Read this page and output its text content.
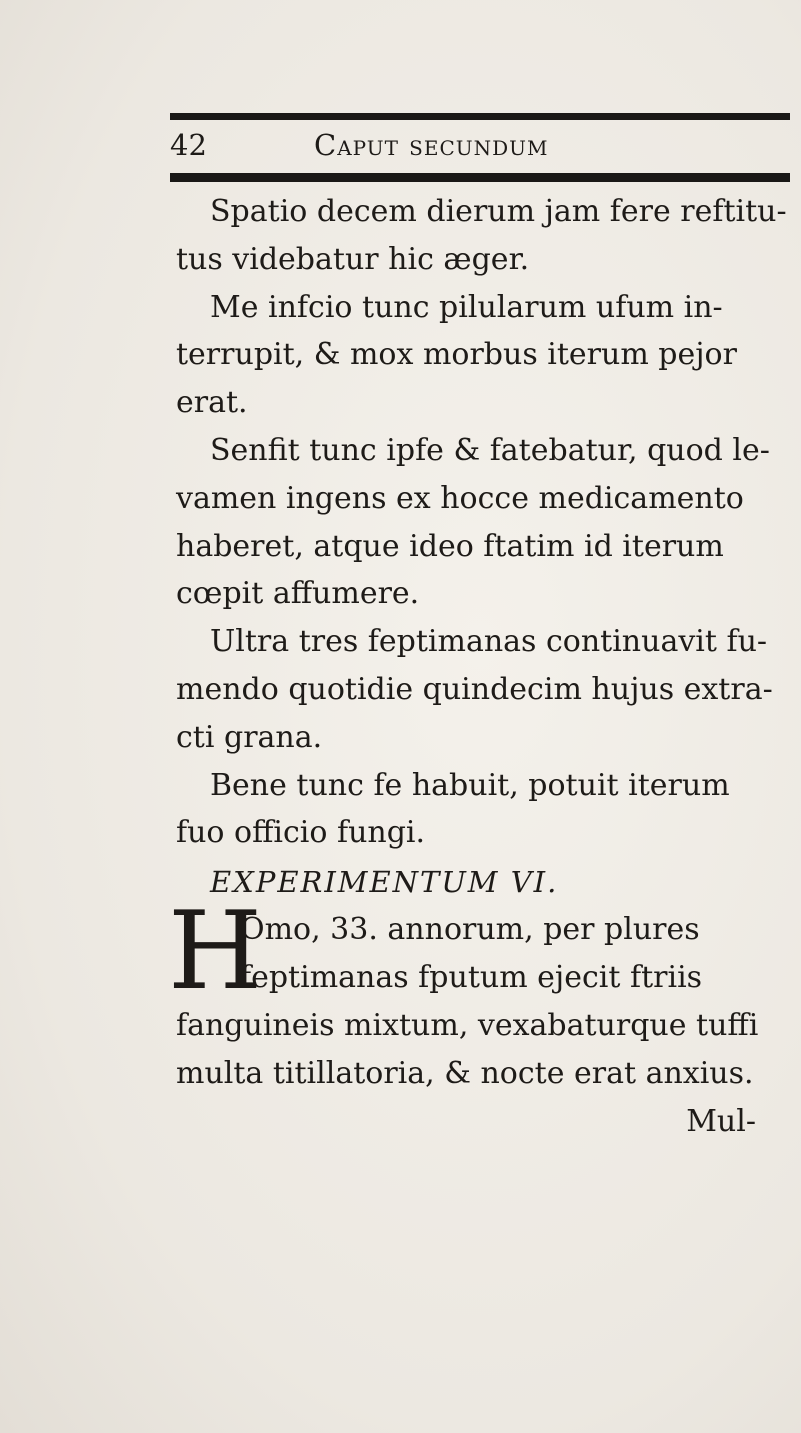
42	Caput secundum

Spatio decem dierum jam fere reftitu-

tus videbatur hic æger.

Me infcio tunc pilularum ufum in-

terrupit, & mox morbus iterum pejor

erat.

Senfit tunc ipfe & fatebatur, quod le-

vamen ingens ex hocce medicamento

haberet, atque ideo ftatim id iterum

cœpit affumere.

Ultra tres feptimanas continuavit fu-

mendo quotidie quindecim hujus extra-

cti grana.

Bene tunc fe habuit, potuit iterum

fuo officio fungi.

EXPERIMENTUM VI.

H
Omo, 33. annorum, per plures
feptimanas fputum ejecit ftriis

fanguineis mixtum, vexabaturque tuffi

multa titillatoria, & nocte erat anxius.

Mul-
